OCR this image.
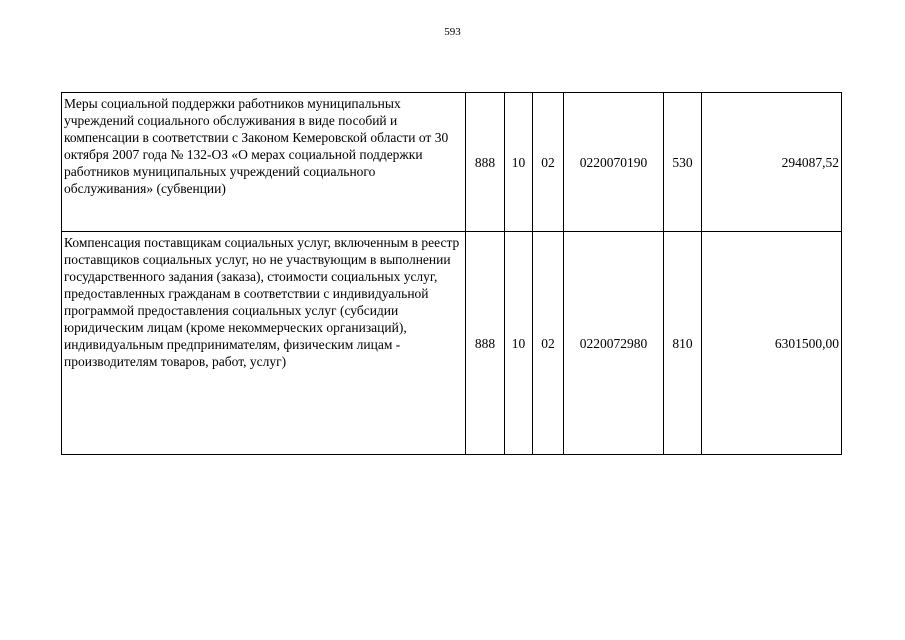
593
Меры социальной поддержки работников муниципальных учреждений социального обслуживания в виде пособий и компенсации в соответствии с Законом Кемеровской области от 30 октября 2007 года № 132-ОЗ «О мерах социальной поддержки работников муниципальных учреждений социального обслуживания» (субвенции)	888	10	02	0220070190	530	294087,52
Компенсация поставщикам социальных услуг, включенным в реестр поставщиков социальных услуг, но не участвующим в выполнении государственного задания (заказа), стоимости социальных услуг, предоставленных гражданам в соответствии с индивидуальной программой предоставления социальных услуг (субсидии юридическим лицам (кроме некоммерческих организаций), индивидуальным предпринимателям, физическим лицам - производителям товаров, работ, услуг)	888	10	02	0220072980	810	6301500,00
